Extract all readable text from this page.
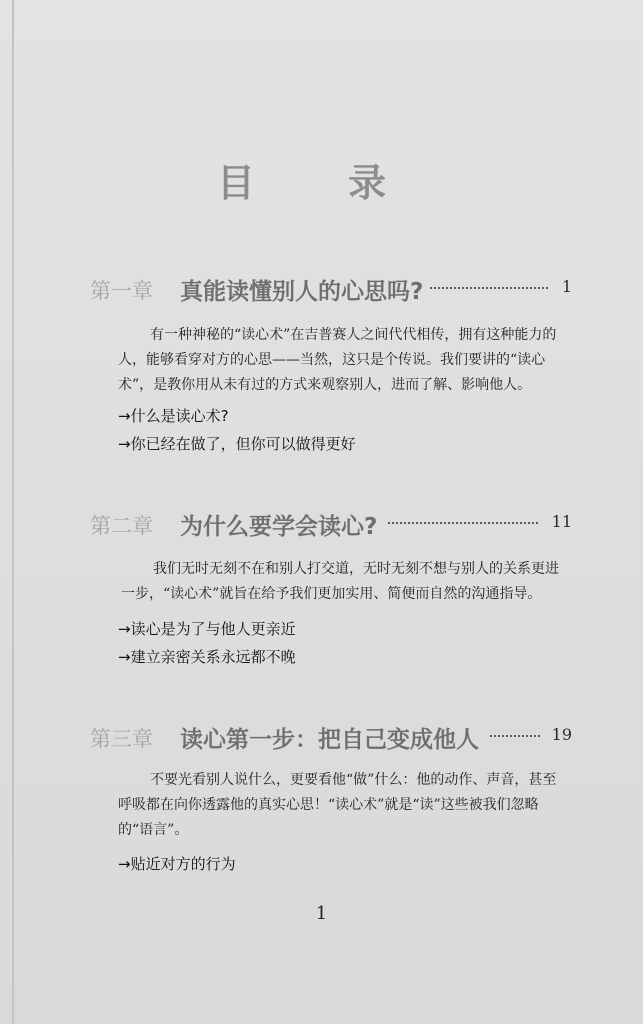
目 录
第一章 真能读懂别人的心思吗?	1

有一种神秘的“读心术”在吉普赛人之间代代相传，拥有这种能力的人，能够看穿对方的心思——当然，这只是个传说。我们要讲的“读心术”，是教你用从未有过的方式来观察别人，进而了解、影响他人。

→什么是读心术?
→你已经在做了，但你可以做得更好
第二章 为什么要学会读心?	11

我们无时无刻不在和别人打交道，无时无刻不想与别人的关系更进一步，“读心术”就旨在给予我们更加实用、简便而自然的沟通指导。

→读心是为了与他人更亲近
→建立亲密关系永远都不晚
第三章 读心第一步：把自己变成他人	19

不要光看别人说什么，更要看他“做”什么：他的动作、声音，甚至呼吸都在向你透露他的真实心思！“读心术”就是“读”这些被我们忽略的“语言”。

→贴近对方的行为
1
